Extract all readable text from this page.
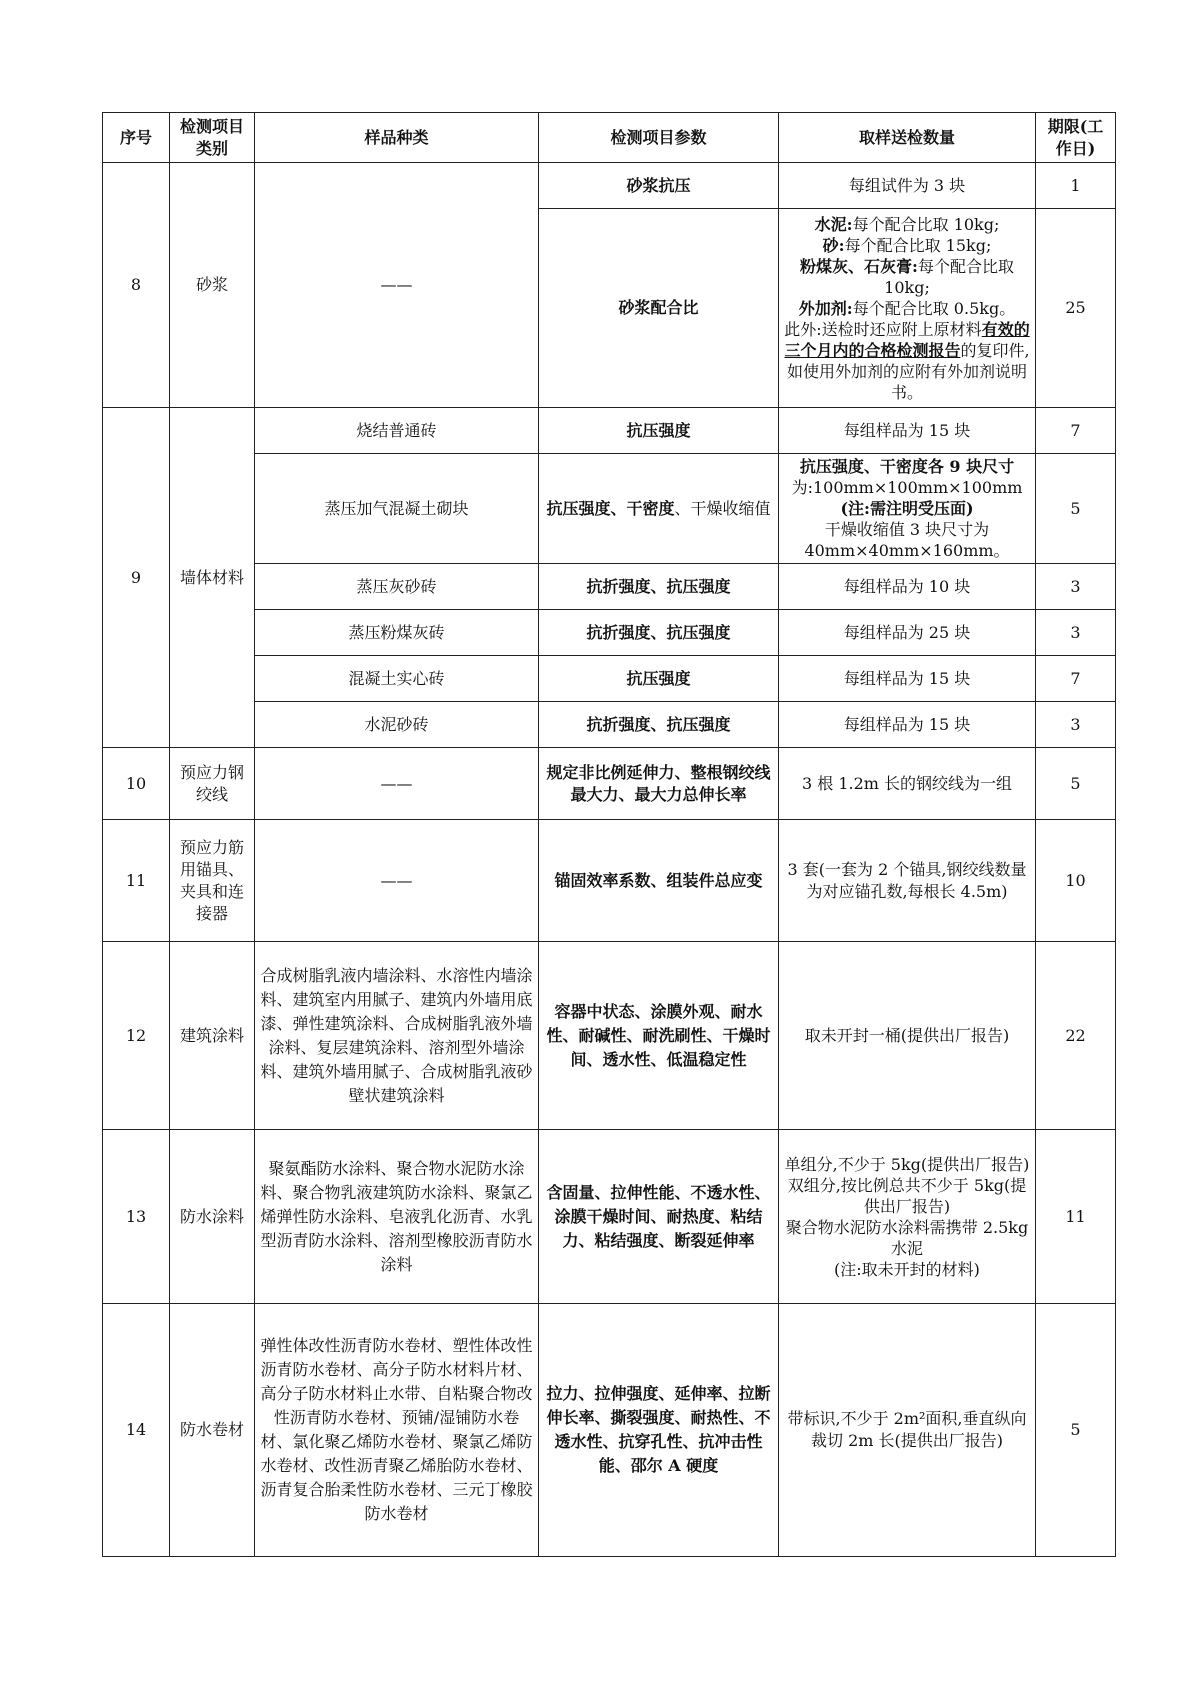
序号	检测项目类别	样品种类	检测项目参数	取样送检数量	期限(工作日)
8	砂浆	——	砂浆抗压	每组试件为 3 块	1
			砂浆配合比	水泥:每个配合比取 10kg;
砂:每个配合比取 15kg;
粉煤灰、石灰膏:每个配合比取 10kg;
外加剂:每个配合比取 0.5kg。
此外:送检时还应附上原材料有效的三个月内的合格检测报告的复印件,如使用外加剂的应附有外加剂说明书。	25
9	墙体材料	烧结普通砖	抗压强度	每组样品为 15 块	7
		蒸压加气混凝土砌块	抗压强度、干密度、干燥收缩值	抗压强度、干密度各 9 块尺寸为:100mm×100mm×100mm
(注:需注明受压面)
干燥收缩值 3 块尺寸为 40mm×40mm×160mm。	5
		蒸压灰砂砖	抗折强度、抗压强度	每组样品为 10 块	3
		蒸压粉煤灰砖	抗折强度、抗压强度	每组样品为 25 块	3
		混凝土实心砖	抗压强度	每组样品为 15 块	7
		水泥砂砖	抗折强度、抗压强度	每组样品为 15 块	3
10	预应力钢绞线	——	规定非比例延伸力、整根钢绞线最大力、最大力总伸长率	3 根 1.2m 长的钢绞线为一组	5
11	预应力筋用锚具、夹具和连接器	——	锚固效率系数、组装件总应变	3 套(一套为 2 个锚具,钢绞线数量为对应锚孔数,每根长 4.5m)	10
12	建筑涂料	合成树脂乳液内墙涂料、水溶性内墙涂料、建筑室内用腻子、建筑内外墙用底漆、弹性建筑涂料、合成树脂乳液外墙涂料、复层建筑涂料、溶剂型外墙涂料、建筑外墙用腻子、合成树脂乳液砂壁状建筑涂料	容器中状态、涂膜外观、耐水性、耐碱性、耐洗刷性、干燥时间、透水性、低温稳定性	取未开封一桶(提供出厂报告)	22
13	防水涂料	聚氨酯防水涂料、聚合物水泥防水涂料、聚合物乳液建筑防水涂料、聚氯乙烯弹性防水涂料、皂液乳化沥青、水乳型沥青防水涂料、溶剂型橡胶沥青防水涂料	含固量、拉伸性能、不透水性、涂膜干燥时间、耐热度、粘结力、粘结强度、断裂延伸率	单组分,不少于 5kg(提供出厂报告)
双组分,按比例总共不少于 5kg(提供出厂报告)
聚合物水泥防水涂料需携带 2.5kg 水泥
(注:取未开封的材料)	11
14	防水卷材	弹性体改性沥青防水卷材、塑性体改性沥青防水卷材、高分子防水材料片材、高分子防水材料止水带、自粘聚合物改性沥青防水卷材、预铺/湿铺防水卷材、氯化聚乙烯防水卷材、聚氯乙烯防水卷材、改性沥青聚乙烯胎防水卷材、沥青复合胎柔性防水卷材、三元丁橡胶防水卷材	拉力、拉伸强度、延伸率、拉断伸长率、撕裂强度、耐热性、不透水性、抗穿孔性、抗冲击性能、邵尔 A 硬度	带标识,不少于 2m²面积,垂直纵向裁切 2m 长(提供出厂报告)	5
